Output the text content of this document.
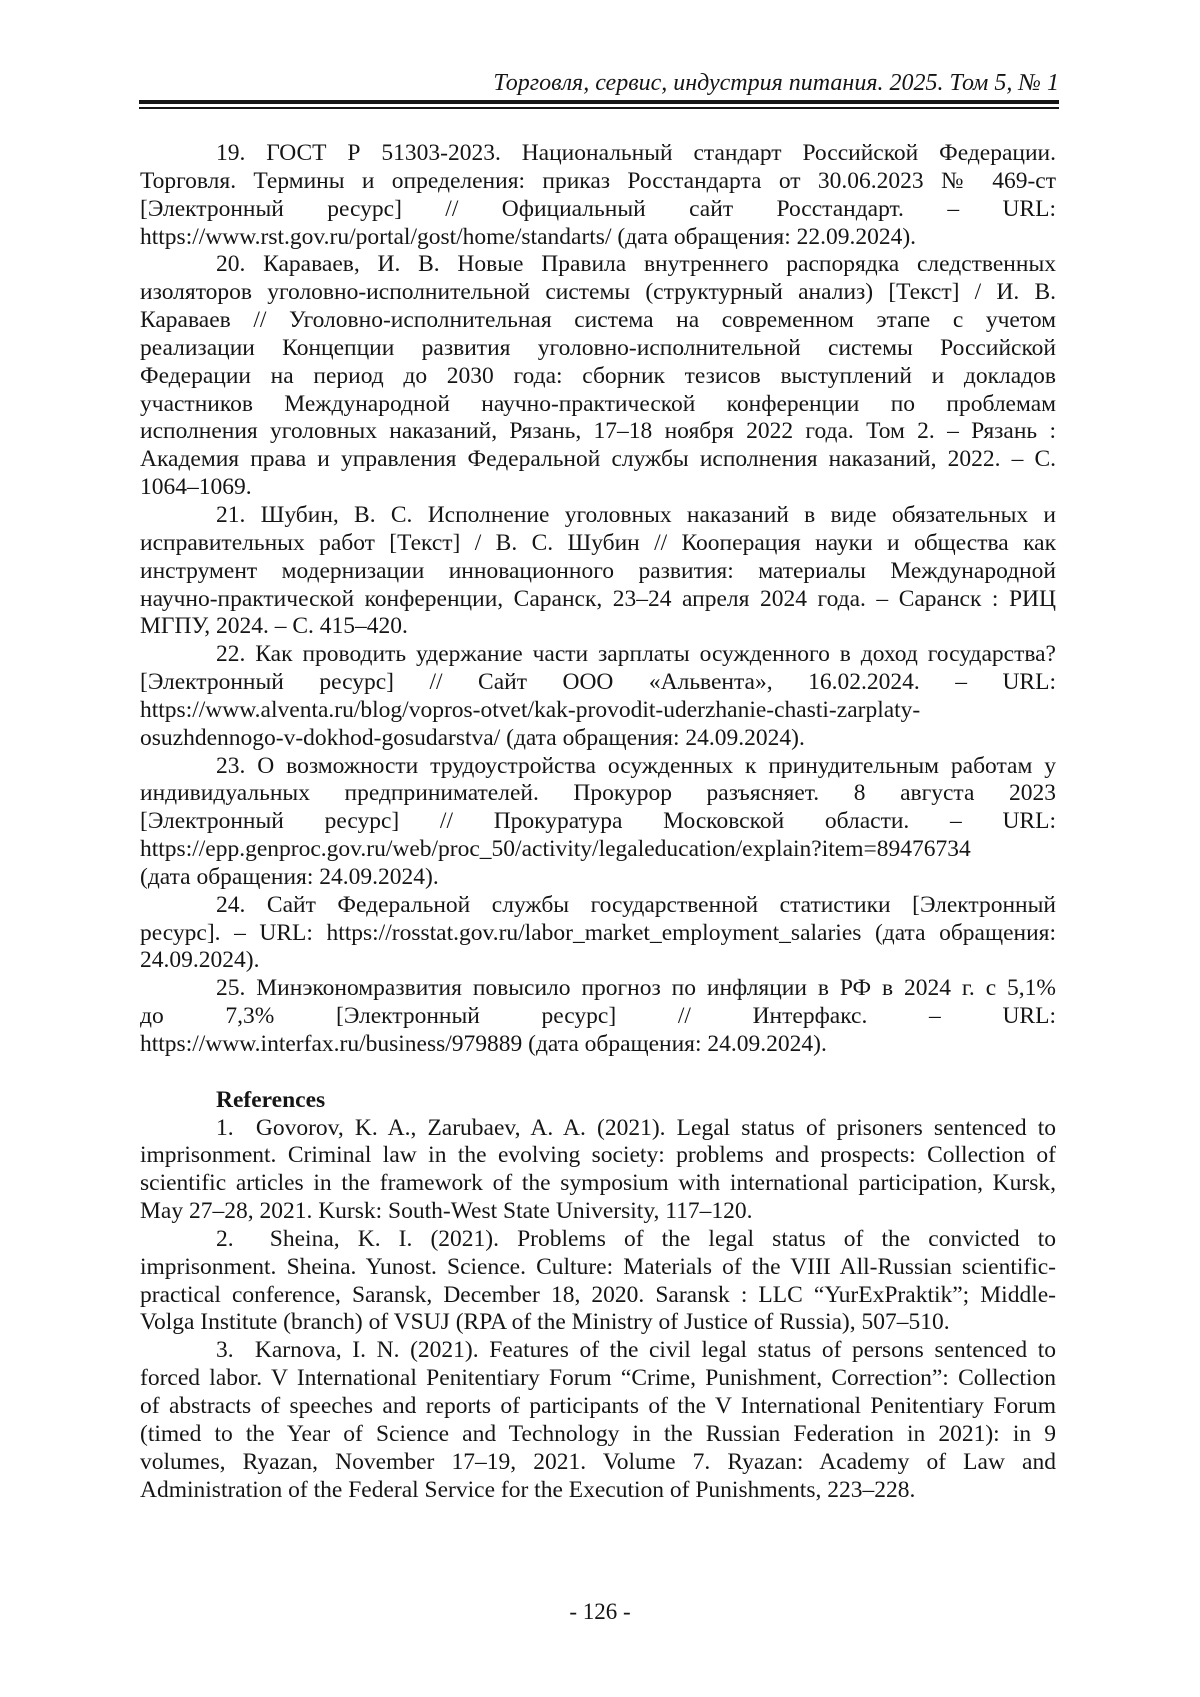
Торговля, сервис, индустрия питания. 2025. Том 5, № 1
19. ГОСТ Р 51303-2023. Национальный стандарт Российской Федерации.
Торговля. Термины и определения: приказ Росстандарта от 30.06.2023 № 469-ст
[Электронный ресурс] // Официальный сайт Росстандарт. – URL:
https://www.rst.gov.ru/portal/gost/home/standarts/ (дата обращения: 22.09.2024).
20. Караваев, И. В. Новые Правила внутреннего распорядка следственных
изоляторов уголовно-исполнительной системы (структурный анализ) [Текст] / И. В.
Караваев // Уголовно-исполнительная система на современном этапе с учетом
реализации Концепции развития уголовно-исполнительной системы Российской
Федерации на период до 2030 года: сборник тезисов выступлений и докладов
участников Международной научно-практической конференции по проблемам
исполнения уголовных наказаний, Рязань, 17–18 ноября 2022 года. Том 2. – Рязань :
Академия права и управления Федеральной службы исполнения наказаний, 2022. – С.
1064–1069.
21. Шубин, В. С. Исполнение уголовных наказаний в виде обязательных и
исправительных работ [Текст] / В. С. Шубин // Кооперация науки и общества как
инструмент модернизации инновационного развития: материалы Международной
научно-практической конференции, Саранск, 23–24 апреля 2024 года. – Саранск : РИЦ
МГПУ, 2024. – С. 415–420.
22. Как проводить удержание части зарплаты осужденного в доход государства?
[Электронный ресурс] // Сайт ООО «Альвента», 16.02.2024. – URL:
https://www.alventa.ru/blog/vopros-otvet/kak-provodit-uderzhanie-chasti-zarplaty-
osuzhdennogo-v-dokhod-gosudarstva/ (дата обращения: 24.09.2024).
23. О возможности трудоустройства осужденных к принудительным работам у
индивидуальных предпринимателей. Прокурор разъясняет. 8 августа 2023
[Электронный ресурс] // Прокуратура Московской области. – URL:
https://epp.genproc.gov.ru/web/proc_50/activity/legaleducation/explain?item=89476734
(дата обращения: 24.09.2024).
24. Сайт Федеральной службы государственной статистики [Электронный
ресурс]. – URL: https://rosstat.gov.ru/labor_market_employment_salaries (дата обращения:
24.09.2024).
25. Минэкономразвития повысило прогноз по инфляции в РФ в 2024 г. с 5,1%
до 7,3% [Электронный ресурс] // Интерфакс. – URL:
https://www.interfax.ru/business/979889 (дата обращения: 24.09.2024).
References
1.  Govorov, K. A., Zarubaev, A. A. (2021). Legal status of prisoners sentenced to
imprisonment. Criminal law in the evolving society: problems and prospects: Collection of
scientific articles in the framework of the symposium with international participation, Kursk,
May 27–28, 2021. Kursk: South-West State University, 117–120.
2.  Sheina, K. I. (2021). Problems of the legal status of the convicted to
imprisonment. Sheina. Yunost. Science. Culture: Materials of the VIII All-Russian scientific-
practical conference, Saransk, December 18, 2020. Saransk : LLC “YurExPraktik”; Middle-
Volga Institute (branch) of VSUJ (RPA of the Ministry of Justice of Russia), 507–510.
3.  Karnova, I. N. (2021). Features of the civil legal status of persons sentenced to
forced labor. V International Penitentiary Forum “Crime, Punishment, Correction”: Collection
of abstracts of speeches and reports of participants of the V International Penitentiary Forum
(timed to the Year of Science and Technology in the Russian Federation in 2021): in 9
volumes, Ryazan, November 17–19, 2021. Volume 7. Ryazan: Academy of Law and
Administration of the Federal Service for the Execution of Punishments, 223–228.
- 126 -
